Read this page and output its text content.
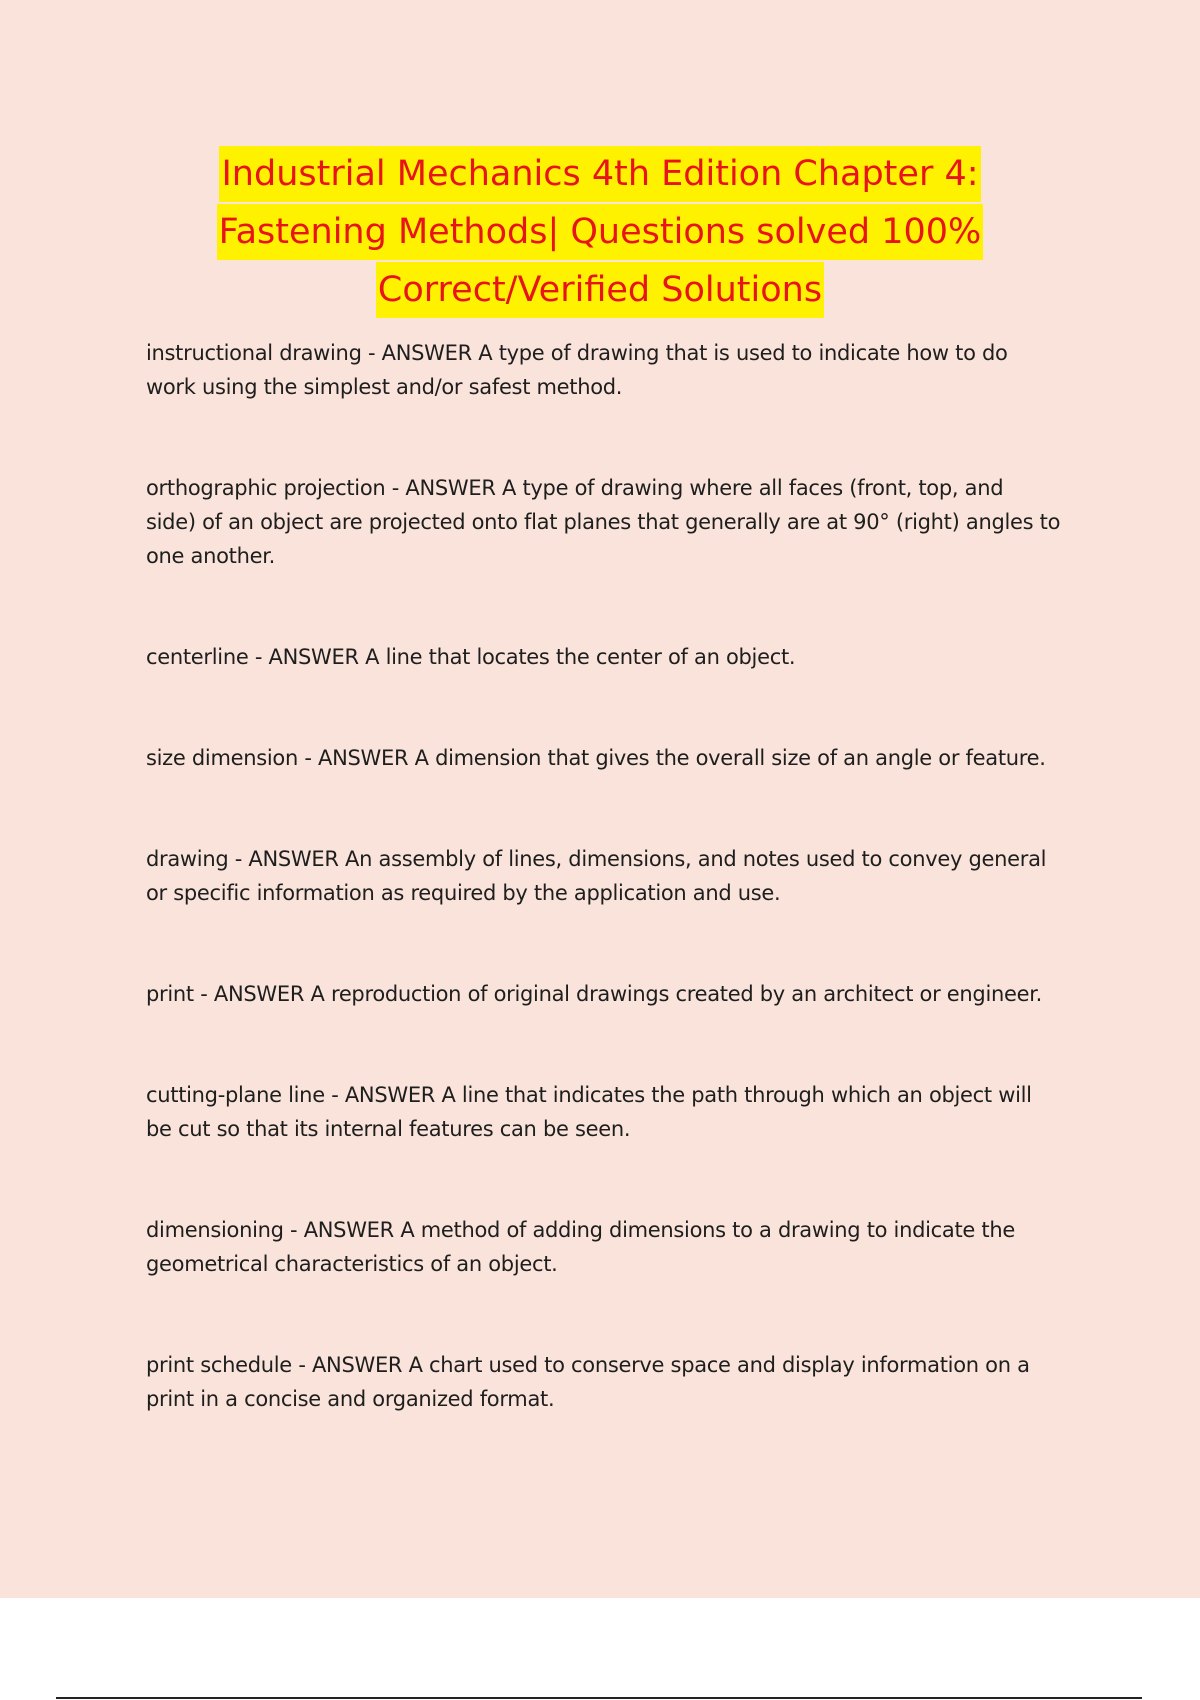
Industrial Mechanics 4th Edition Chapter 4:
Fastening Methods| Questions solved 100%
Correct/Verified Solutions
instructional drawing - ANSWER A type of drawing that is used to indicate how to do
work using the simplest and/or safest method.
orthographic projection - ANSWER A type of drawing where all faces (front, top, and
side) of an object are projected onto flat planes that generally are at 90° (right) angles to
one another.
centerline - ANSWER A line that locates the center of an object.
size dimension - ANSWER A dimension that gives the overall size of an angle or feature.
drawing - ANSWER An assembly of lines, dimensions, and notes used to convey general
or specific information as required by the application and use.
print - ANSWER A reproduction of original drawings created by an architect or engineer.
cutting-plane line - ANSWER A line that indicates the path through which an object will
be cut so that its internal features can be seen.
dimensioning - ANSWER A method of adding dimensions to a drawing to indicate the
geometrical characteristics of an object.
print schedule - ANSWER A chart used to conserve space and display information on a
print in a concise and organized format.
